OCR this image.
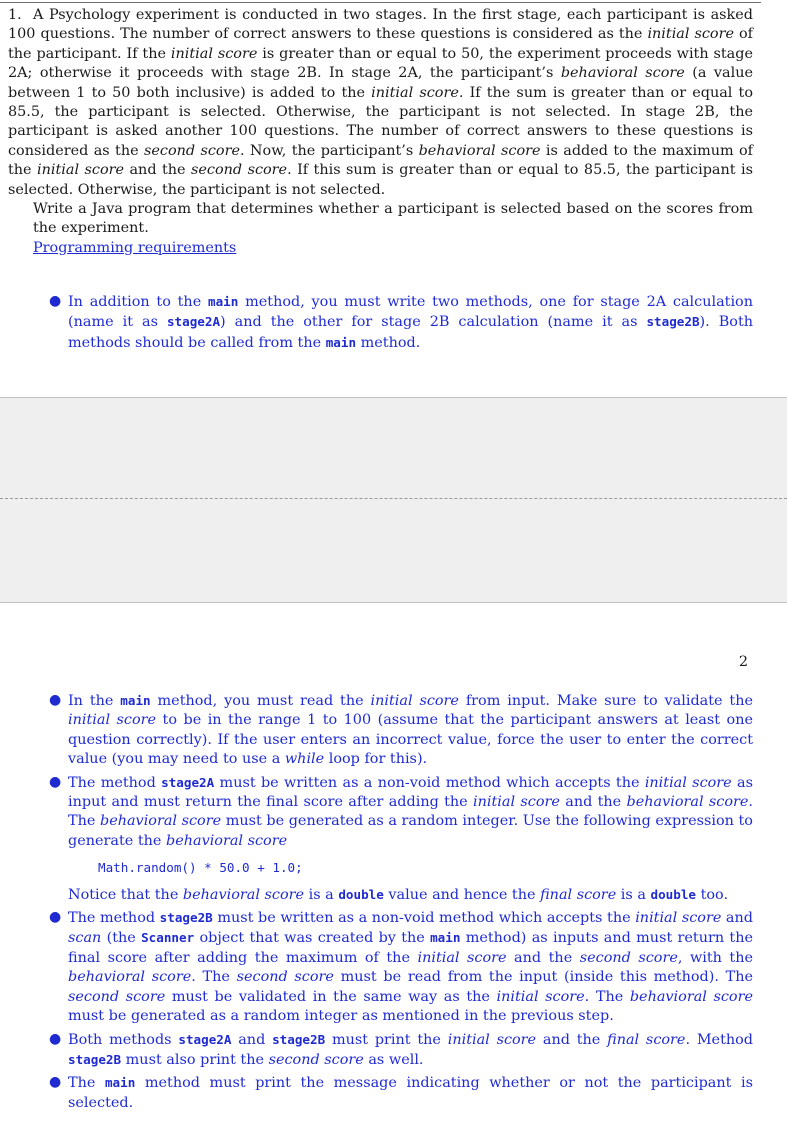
1. A Psychology experiment is conducted in two stages. In the first stage, each participant is asked 100 questions. The number of correct answers to these questions is considered as the initial score of the participant. If the initial score is greater than or equal to 50, the experiment proceeds with stage 2A; otherwise it proceeds with stage 2B. In stage 2A, the participant’s behavioral score (a value between 1 to 50 both inclusive) is added to the initial score. If the sum is greater than or equal to 85.5, the participant is selected. Otherwise, the participant is not selected. In stage 2B, the participant is asked another 100 questions. The number of correct answers to these questions is considered as the second score. Now, the participant’s behavioral score is added to the maximum of the initial score and the second score. If this sum is greater than or equal to 85.5, the participant is selected. Otherwise, the participant is not selected.

Write a Java program that determines whether a participant is selected based on the scores from the experiment.

Programming requirements

● In addition to the main method, you must write two methods, one for stage 2A calculation (name it as stage2A) and the other for stage 2B calculation (name it as stage2B). Both methods should be called from the main method.
2
● In the main method, you must read the initial score from input. Make sure to validate the initial score to be in the range 1 to 100 (assume that the participant answers at least one question correctly). If the user enters an incorrect value, force the user to enter the correct value (you may need to use a while loop for this).
● The method stage2A must be written as a non-void method which accepts the initial score as input and must return the final score after adding the initial score and the behavioral score. The behavioral score must be generated as a random integer. Use the following expression to generate the behavioral score
Math.random() * 50.0 + 1.0;
Notice that the behavioral score is a double value and hence the final score is a double too.
● The method stage2B must be written as a non-void method which accepts the initial score and scan (the Scanner object that was created by the main method) as inputs and must return the final score after adding the maximum of the initial score and the second score, with the behavioral score. The second score must be read from the input (inside this method). The second score must be validated in the same way as the initial score. The behavioral score must be generated as a random integer as mentioned in the previous step.
● Both methods stage2A and stage2B must print the initial score and the final score. Method stage2B must also print the second score as well.
● The main method must print the message indicating whether or not the participant is selected.
